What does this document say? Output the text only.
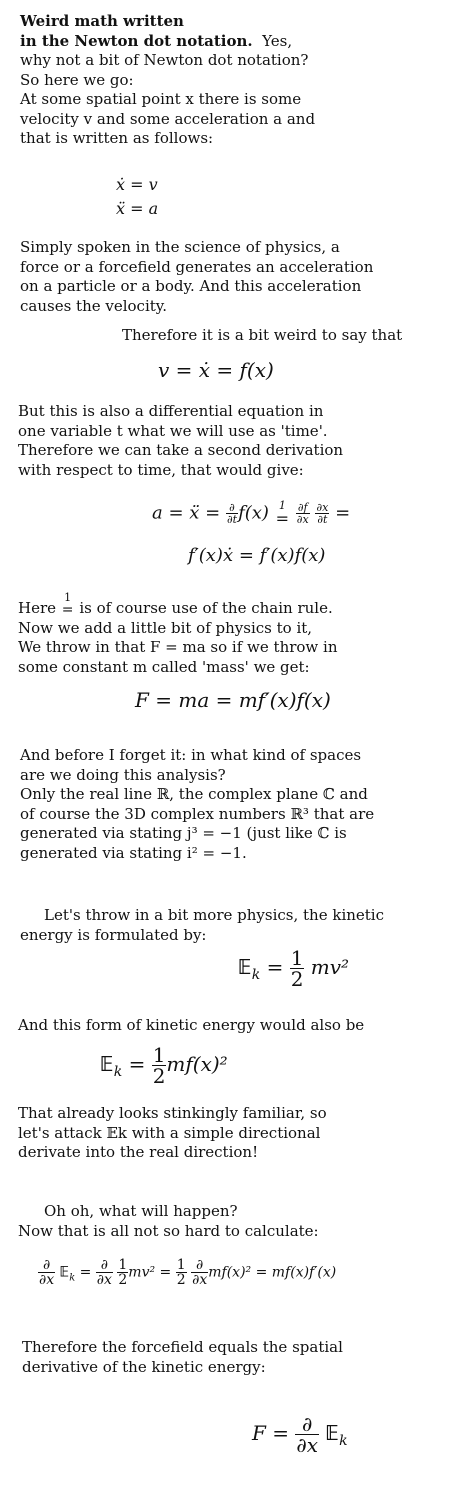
Weird math written
in the Newton dot notation. Yes,
why not a bit of Newton dot notation?
So here we go:
At some spatial point x there is some
velocity v and some acceleration a and
that is written as follows:
ẋ = v
ẍ = a
Simply spoken in the science of physics, a
force or a forcefield generates an acceleration
on a particle or a body. And this acceleration
causes the velocity.
Therefore it is a bit weird to say that
v = ẋ = f(x)
But this is also a differential equation in
one variable t what we will use as 'time'.
Therefore we can take a second derivation
with respect to time, that would give:
a = ẍ = $\frac{\partial}{\partial t} f(x)$ 1
=
$\frac{\partial f}{\partial x}$
$\frac{\partial x}{\partial t}$ =
f′(x)ẋ = f′(x)f(x)
Here
1
= is of course use of the chain rule.
Now we add a little bit of physics to it,
We throw in that F = ma so if we throw in
some constant m called 'mass' we get:
F = ma = mf′(x)f(x)
And before I forget it: in what kind of spaces
are we doing this analysis?
Only the real line ℝ, the complex plane ℂ and
of course the 3D complex numbers ℝ³ that are
generated via stating j³ = −1 (just like ℂ is
generated via stating i² = −1.
Let's throw in a bit more physics, the kinetic
energy is formulated by:
𝔼$_k$ = $\frac{1}{2} mv^2$
And this form of kinetic energy would also be
𝔼$_k$ = $\frac{1}{2} mf(x)^2$
That already looks stinkingly familiar, so
let's attack 𝔼k with a simple directional
derivate into the real direction!
Oh oh, what will happen?
Now that is all not so hard to calculate:
$\frac{\partial}{\partial x}$ 𝔼$_k$ = $\frac{\partial}{\partial x}$
$\frac{1}{2} mv^2 = \frac{1}{2}$
$\frac{\partial}{\partial x} mf(x)^2 = mf(x)f'(x)$
Therefore the forcefield equals the spatial
derivative of the kinetic energy:
$F = \frac{\partial}{\partial x}$ 𝔼$_k$
